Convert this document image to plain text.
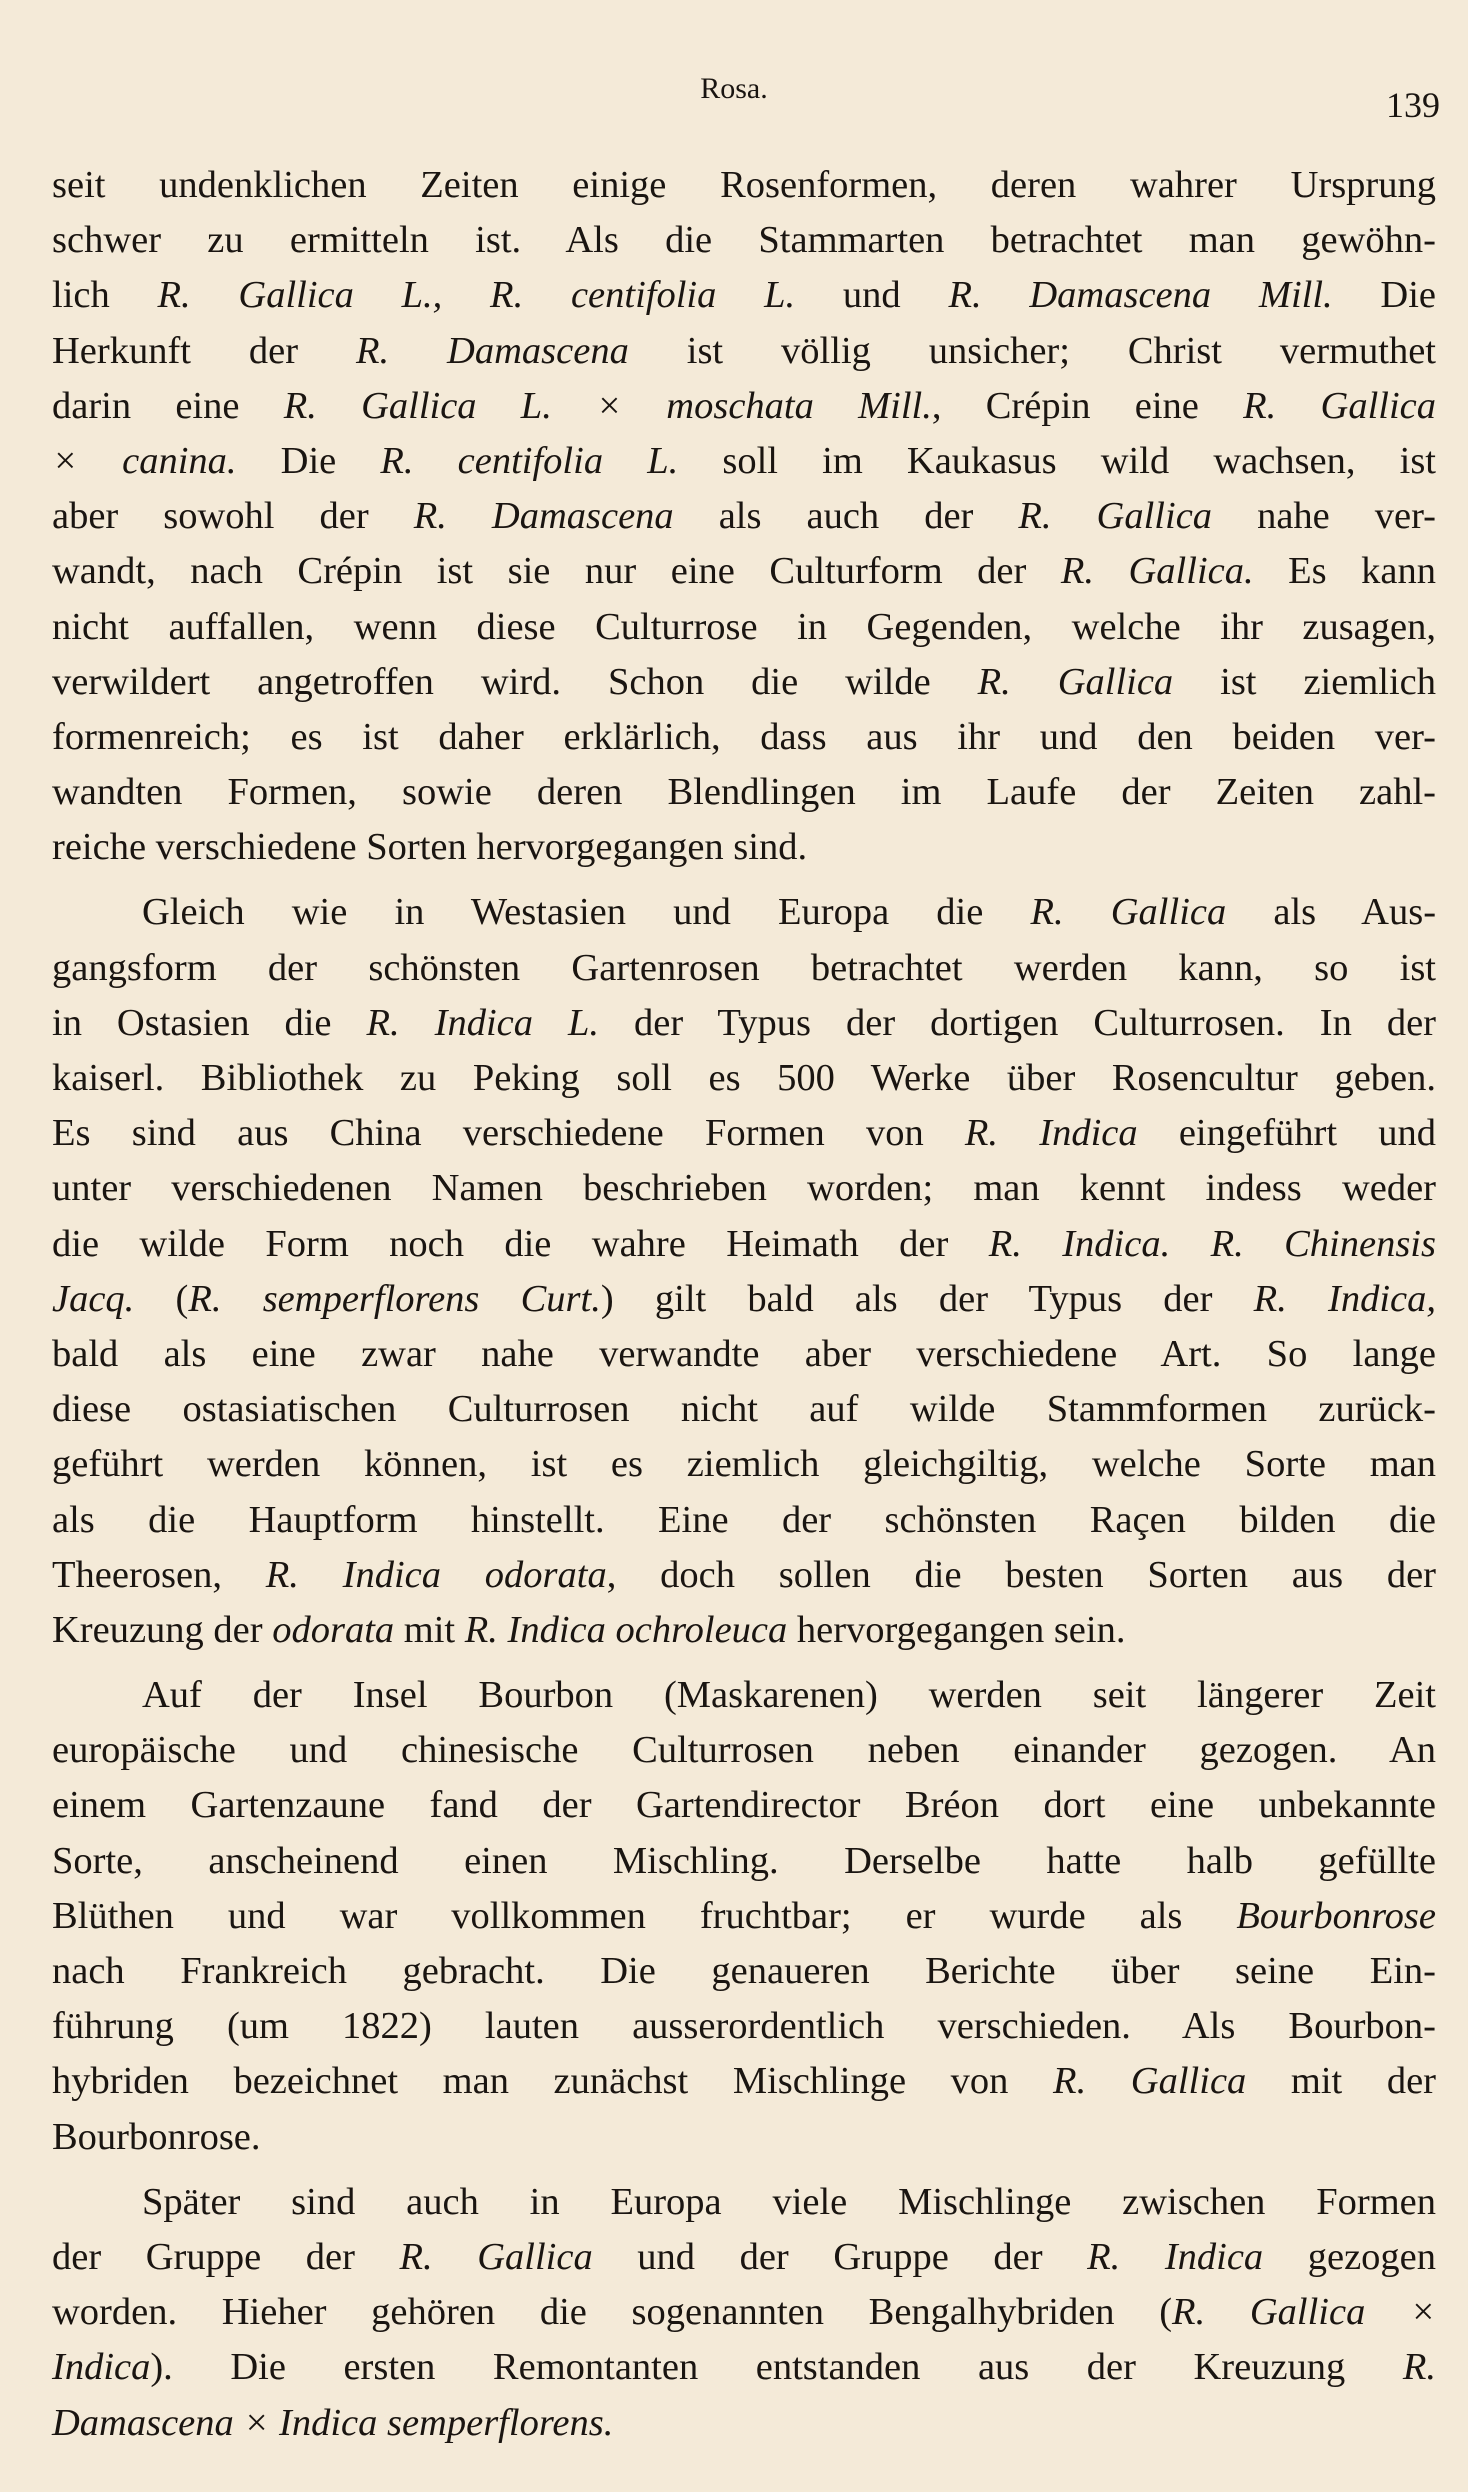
Rosa.	139
seit undenklichen Zeiten einige Rosenformen, deren wahrer Ursprung
schwer zu ermitteln ist. Als die Stammarten betrachtet man gewöhn-
lich R. Gallica L., R. centifolia L. und R. Damascena Mill. Die
Herkunft der R. Damascena ist völlig unsicher; Christ vermuthet
darin eine R. Gallica L. × moschata Mill., Crépin eine R. Gallica
× canina. Die R. centifolia L. soll im Kaukasus wild wachsen, ist
aber sowohl der R. Damascena als auch der R. Gallica nahe ver-
wandt, nach Crépin ist sie nur eine Culturform der R. Gallica. Es kann
nicht auffallen, wenn diese Culturrose in Gegenden, welche ihr zusagen,
verwildert angetroffen wird. Schon die wilde R. Gallica ist ziemlich
formenreich; es ist daher erklärlich, dass aus ihr und den beiden ver-
wandten Formen, sowie deren Blendlingen im Laufe der Zeiten zahl-
reiche verschiedene Sorten hervorgegangen sind.
Gleich wie in Westasien und Europa die R. Gallica als Aus-
gangsform der schönsten Gartenrosen betrachtet werden kann, so ist
in Ostasien die R. Indica L. der Typus der dortigen Culturrosen. In der
kaiserl. Bibliothek zu Peking soll es 500 Werke über Rosencultur geben.
Es sind aus China verschiedene Formen von R. Indica eingeführt und
unter verschiedenen Namen beschrieben worden; man kennt indess weder
die wilde Form noch die wahre Heimath der R. Indica. R. Chinensis
Jacq. (R. semperflorens Curt.) gilt bald als der Typus der R. Indica,
bald als eine zwar nahe verwandte aber verschiedene Art. So lange
diese ostasiatischen Culturrosen nicht auf wilde Stammformen zurück-
geführt werden können, ist es ziemlich gleichgiltig, welche Sorte man
als die Hauptform hinstellt. Eine der schönsten Raçen bilden die
Theerosen, R. Indica odorata, doch sollen die besten Sorten aus der
Kreuzung der odorata mit R. Indica ochroleuca hervorgegangen sein.
Auf der Insel Bourbon (Maskarenen) werden seit längerer Zeit
europäische und chinesische Culturrosen neben einander gezogen. An
einem Gartenzaune fand der Gartendirector Bréon dort eine unbekannte
Sorte, anscheinend einen Mischling. Derselbe hatte halb gefüllte
Blüthen und war vollkommen fruchtbar; er wurde als Bourbonrose
nach Frankreich gebracht. Die genaueren Berichte über seine Ein-
führung (um 1822) lauten ausserordentlich verschieden. Als Bourbon-
hybriden bezeichnet man zunächst Mischlinge von R. Gallica mit der
Bourbonrose.
Später sind auch in Europa viele Mischlinge zwischen Formen
der Gruppe der R. Gallica und der Gruppe der R. Indica gezogen
worden. Hieher gehören die sogenannten Bengalhybriden (R. Gallica ×
Indica). Die ersten Remontanten entstanden aus der Kreuzung R.
Damascena × Indica semperflorens.
